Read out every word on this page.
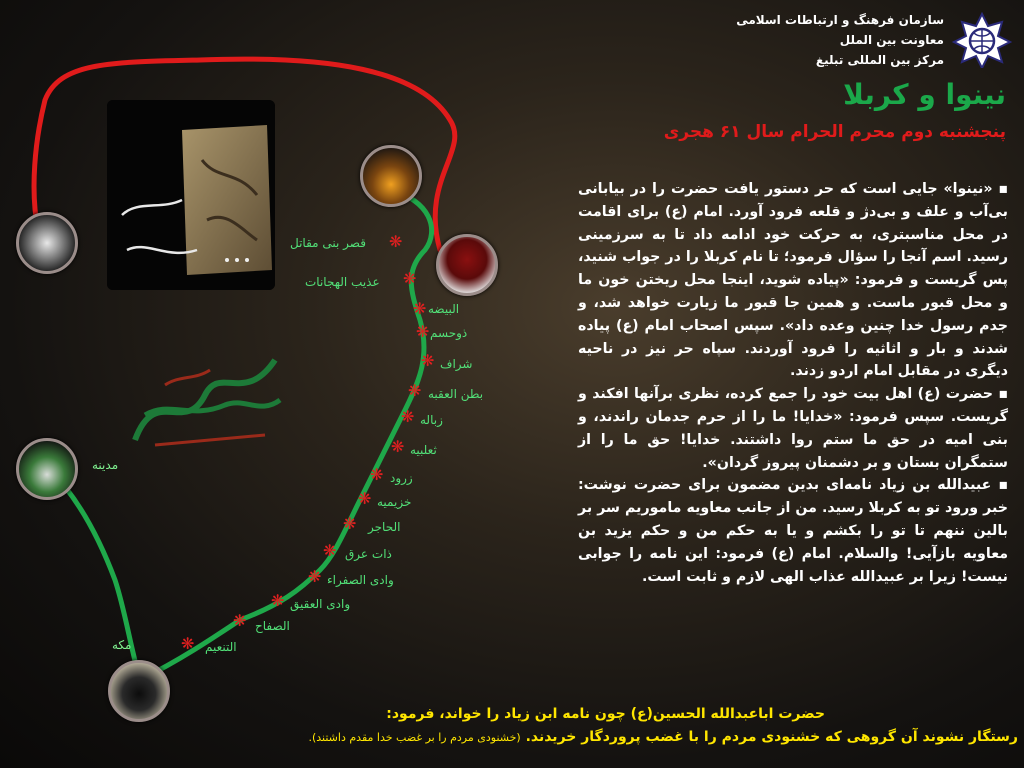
❋
قصر بنی مقاتل
❋
عذیب الهجانات
❋ البیضه
❋ ذوحسم
❋ شراف
❋ بطن العقبه
❋ زباله
❋ ثعلبیه
❋ زرود
❋ خزیمیه
❋ الحاجر
❋ ذات عرق
❋ وادی الصفراء
❋ وادی العقیق
❋ الصفاح
❋ التنعیم
مدینه
مکه
سازمان فرهنگ و ارتباطات اسلامی
معاونت بین الملل
مرکز بین المللی تبلیغ
نینوا و کربلا
پنجشنبه دوم محرم الحرام سال ۶۱ هجری

▪ «نینوا» جایی است که حر دستور یافت حضرت را در بیابانی بی‌آب و علف و بی‌دژ و قلعه فرود آورد. امام (ع) برای اقامت در محل مناسبتری، به حرکت خود ادامه داد تا به سرزمینی رسید. اسم آنجا را سؤال فرمود؛ تا نام کربلا را در جواب شنید، پس گریست و فرمود: «پیاده شوید، اینجا محل ریختن خون ما و محل قبور ماست. و همین جا قبور ما زیارت خواهد شد، و جدم رسول خدا چنین وعده داد». سپس اصحاب امام (ع) پیاده شدند و بار و اثاثیه را فرود آوردند. سپاه حر نیز در ناحیه دیگری در مقابل امام اردو زدند.

▪ حضرت (ع) اهل بیت خود را جمع کرده، نظری برآنها افکند و گریست. سپس فرمود: «خدایا! ما را از حرم جدمان راندند، و بنی امیه در حق ما ستم روا داشتند. خدایا! حق ما را از ستمگران بستان و بر دشمنان پیروز گردان».

▪ عبیدالله بن زیاد نامه‌ای بدین مضمون برای حضرت نوشت: خبر ورود تو به کربلا رسید. من از جانب معاویه ماموریم سر بر بالین ننهم تا تو را بکشم و یا به حکم من و حکم یزید بن معاویه بازآیی! والسلام. امام (ع) فرمود: این نامه را جوابی نیست! زیرا بر عبیدالله عذاب الهی لازم و ثابت است.

حضرت اباعبدالله الحسین(ع) چون نامه ابن زیاد را خواند، فرمود:
رستگار نشوند آن گروهی که خشنودی مردم را با غضب پروردگار خریدند. (خشنودی مردم را بر غضب خدا مقدم داشتند).
